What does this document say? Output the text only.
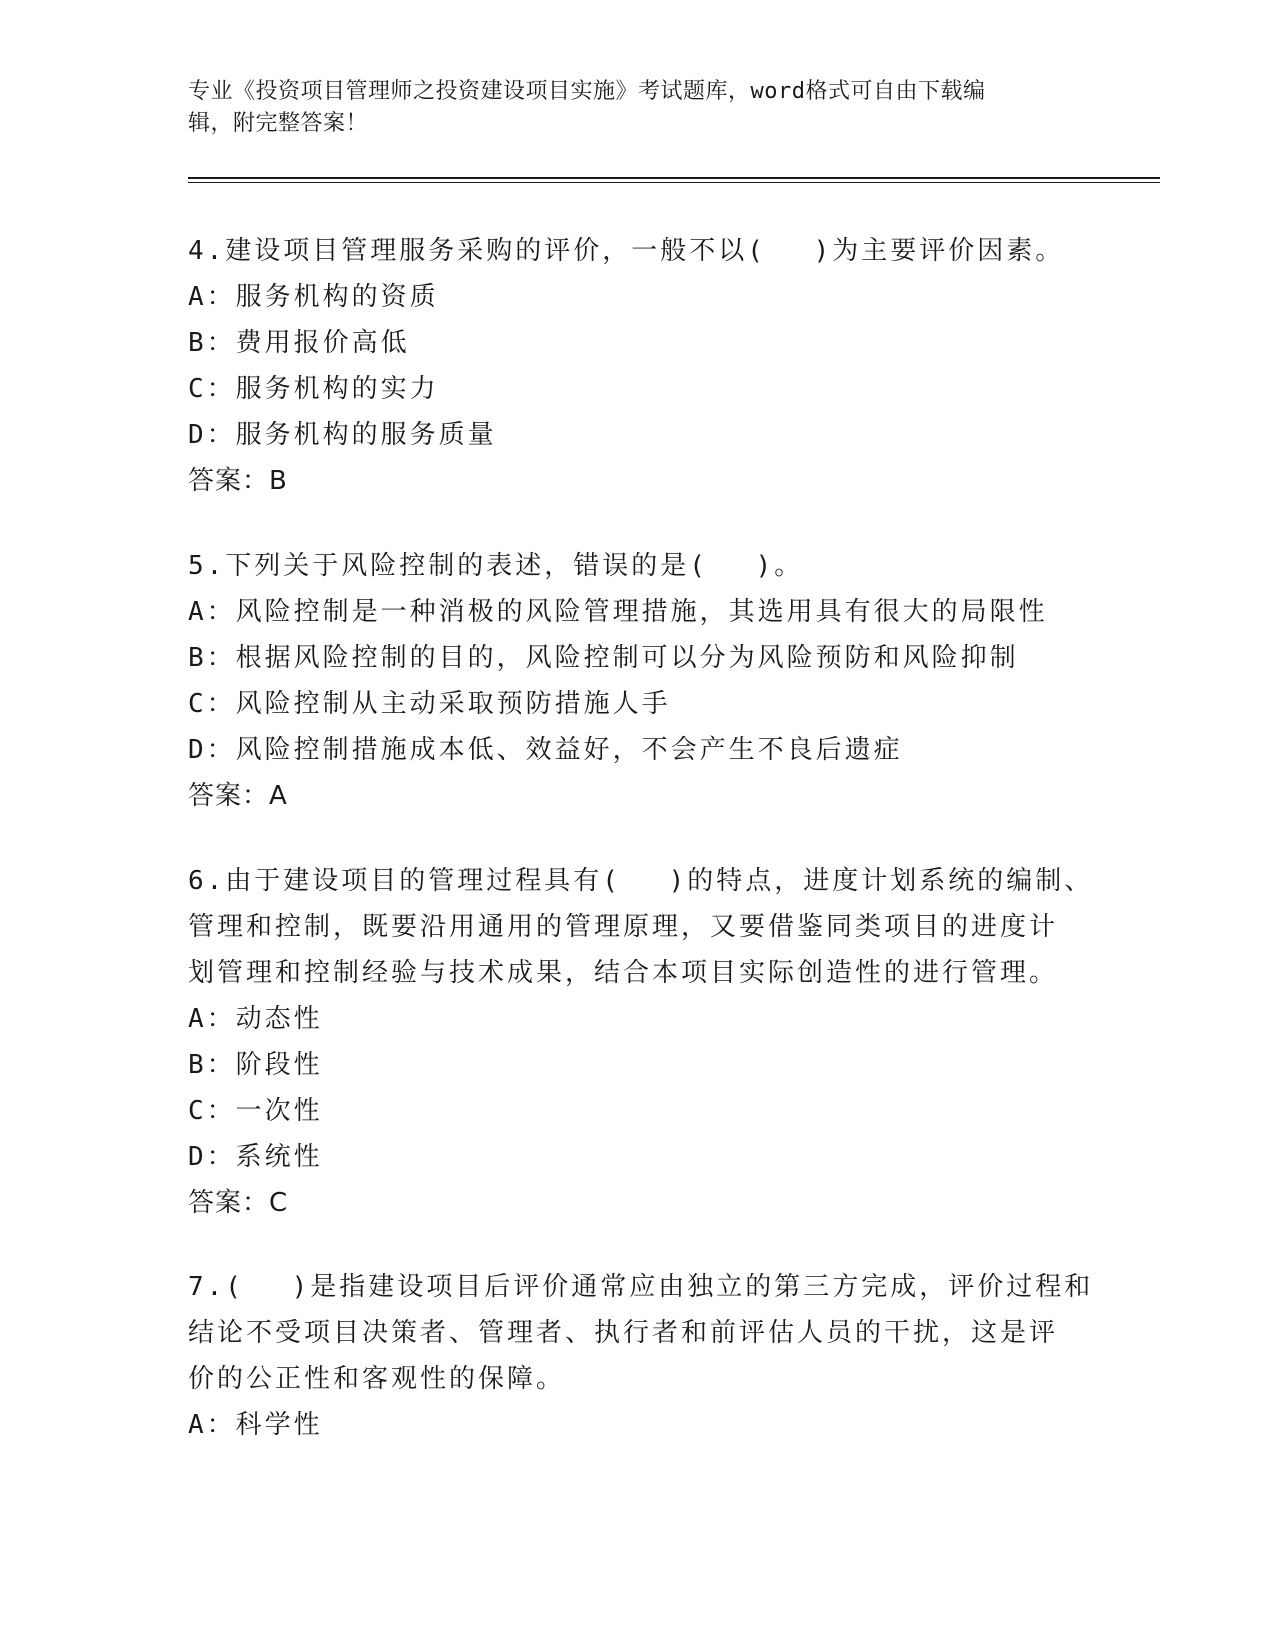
专业《投资项目管理师之投资建设项目实施》考试题库，word格式可自由下载编
辑，附完整答案！
4.建设项目管理服务采购的评价，一般不以(　 )为主要评价因素。
A：服务机构的资质
B：费用报价高低
C：服务机构的实力
D：服务机构的服务质量
答案：B
5.下列关于风险控制的表述，错误的是(　 )。
A：风险控制是一种消极的风险管理措施，其选用具有很大的局限性
B：根据风险控制的目的，风险控制可以分为风险预防和风险抑制
C：风险控制从主动采取预防措施人手
D：风险控制措施成本低、效益好，不会产生不良后遗症
答案：A
6.由于建设项目的管理过程具有(　 )的特点，进度计划系统的编制、
管理和控制，既要沿用通用的管理原理，又要借鉴同类项目的进度计
划管理和控制经验与技术成果，结合本项目实际创造性的进行管理。
A：动态性
B：阶段性
C：一次性
D：系统性
答案：C
7.(　 )是指建设项目后评价通常应由独立的第三方完成，评价过程和
结论不受项目决策者、管理者、执行者和前评估人员的干扰，这是评
价的公正性和客观性的保障。
A：科学性
